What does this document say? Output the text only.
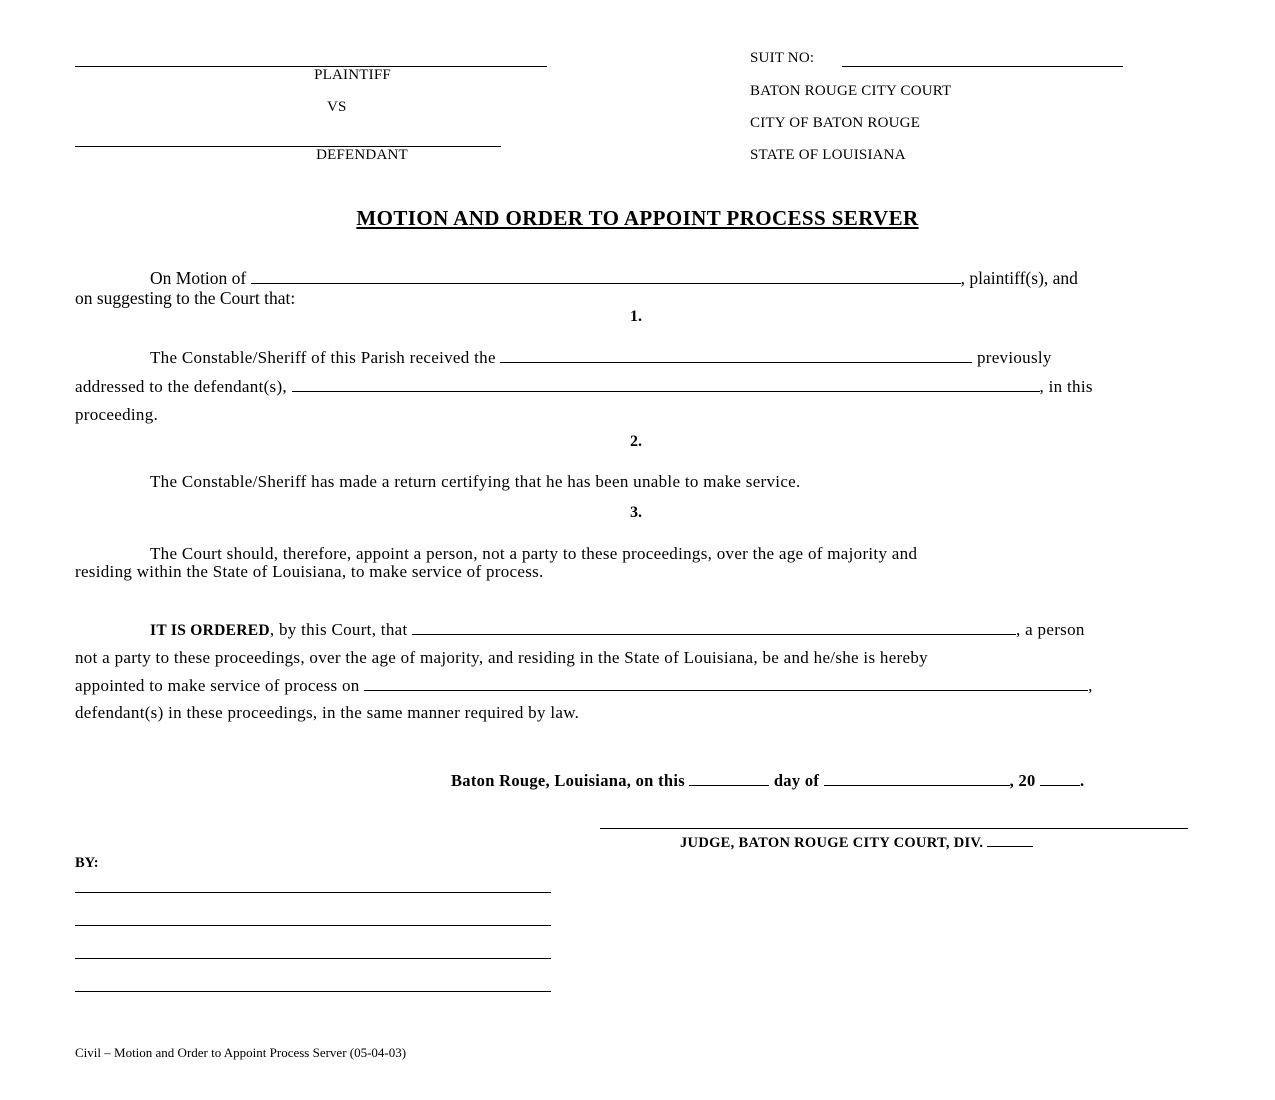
PLAINTIFF
VS
DEFENDANT
SUIT NO:
BATON ROUGE CITY COURT
CITY OF BATON ROUGE
STATE OF LOUISIANA
MOTION AND ORDER TO APPOINT PROCESS SERVER
On Motion of	, plaintiff(s), and
on suggesting to the Court that:
1.
The Constable/Sheriff of this Parish received the	previously
addressed to the defendant(s),	, in this
proceeding.
2.
The Constable/Sheriff has made a return certifying that he has been unable to make service.
3.
The Court should, therefore, appoint a person, not a party to these proceedings, over the age of majority and
residing within the State of Louisiana, to make service of process.
IT IS ORDERED, by this Court, that	, a person
not a party to these proceedings, over the age of majority, and residing in the State of Louisiana, be and he/she is hereby
appointed to make service of process on	,
defendant(s) in these proceedings, in the same manner required by law.
Baton Rouge, Louisiana, on this	day of	, 20	.
JUDGE, BATON ROUGE CITY COURT, DIV.
BY:
Civil – Motion and Order to Appoint Process Server (05-04-03)
